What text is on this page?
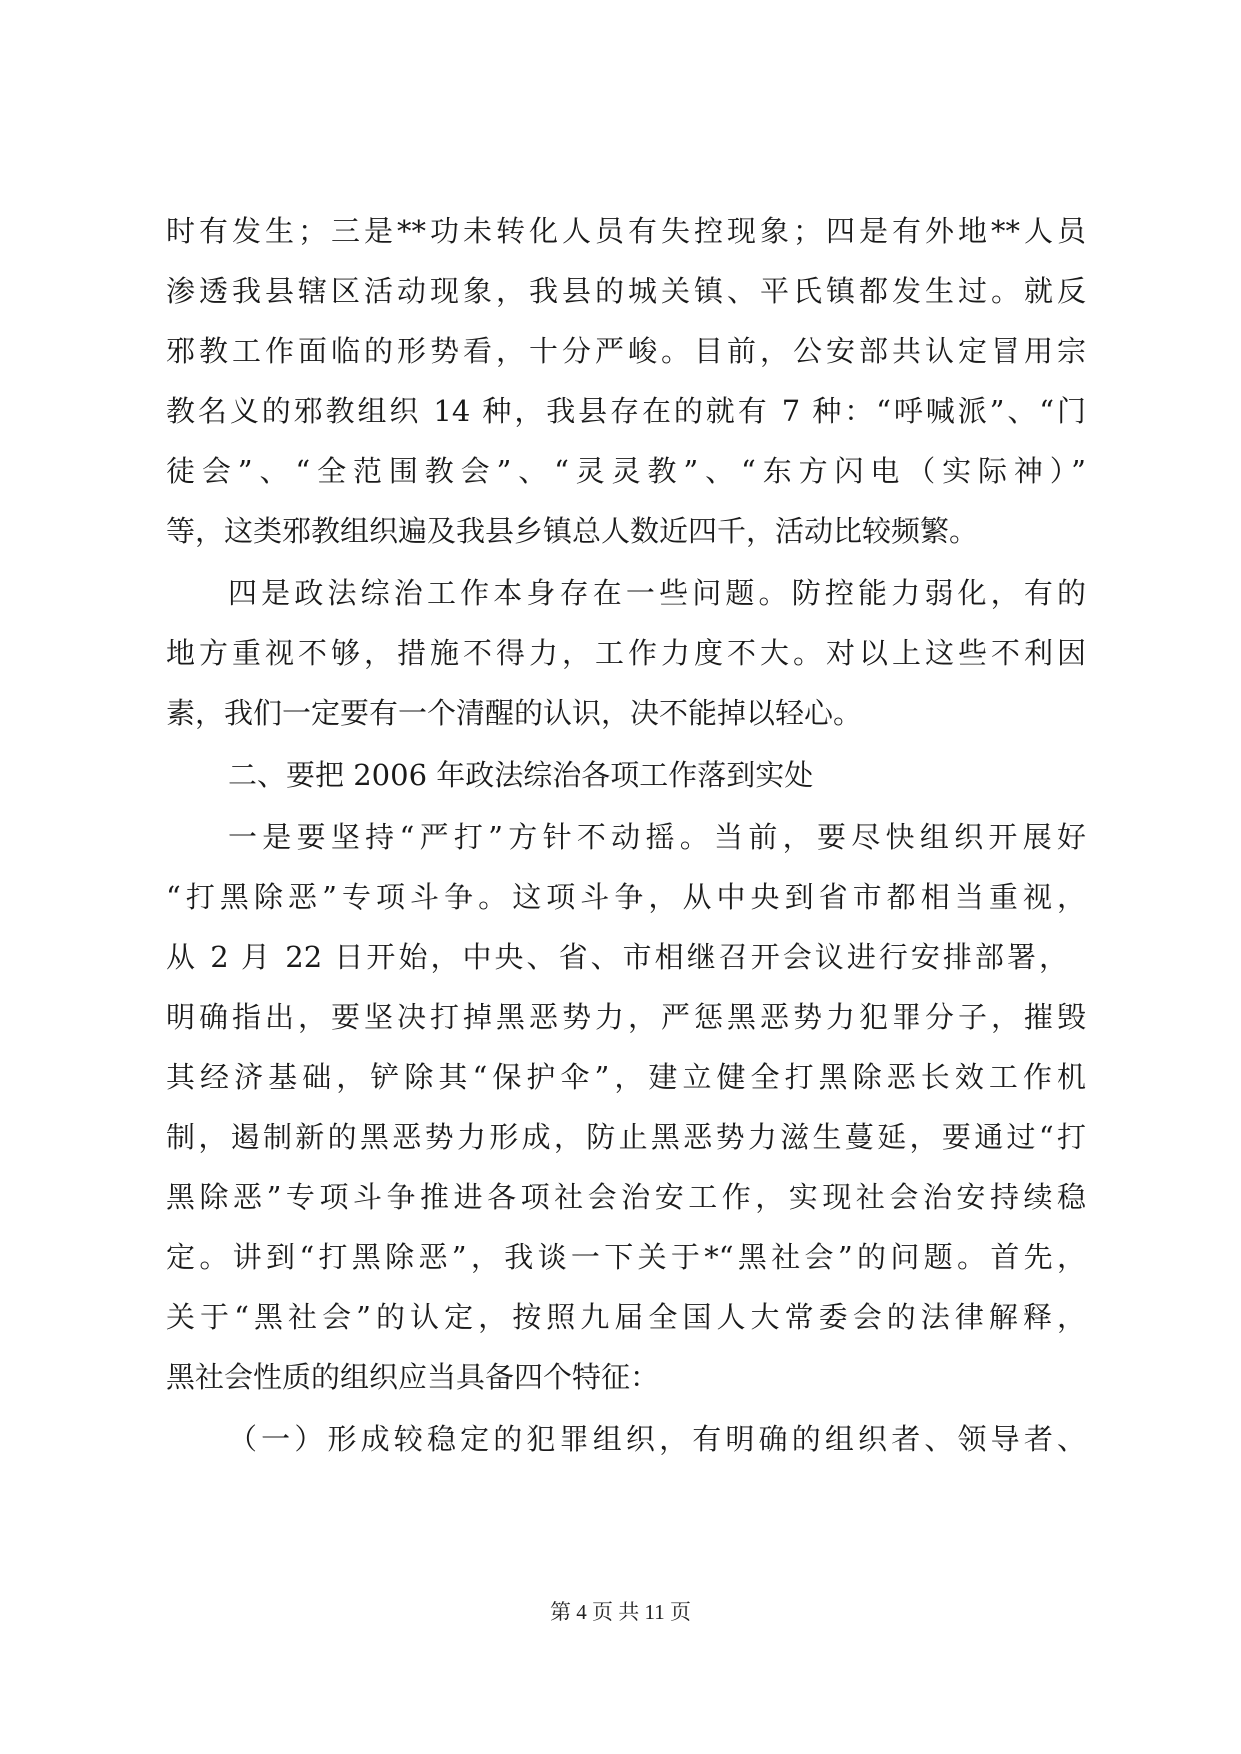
时有发生；三是**功未转化人员有失控现象；四是有外地**人员
渗透我县辖区活动现象，我县的城关镇、平氏镇都发生过。就反
邪教工作面临的形势看，十分严峻。目前，公安部共认定冒用宗
教名义的邪教组织 14 种，我县存在的就有 7 种：“呼喊派”、“门
徒会”、“全范围教会”、“灵灵教”、“东方闪电（实际神）”
等，这类邪教组织遍及我县乡镇总人数近四千，活动比较频繁。
四是政法综治工作本身存在一些问题。防控能力弱化，有的
地方重视不够，措施不得力，工作力度不大。对以上这些不利因
素，我们一定要有一个清醒的认识，决不能掉以轻心。
二、要把 2006 年政法综治各项工作落到实处
一是要坚持“严打”方针不动摇。当前，要尽快组织开展好
“打黑除恶”专项斗争。这项斗争，从中央到省市都相当重视，
从 2 月 22 日开始，中央、省、市相继召开会议进行安排部署，
明确指出，要坚决打掉黑恶势力，严惩黑恶势力犯罪分子，摧毁
其经济基础，铲除其“保护伞”，建立健全打黑除恶长效工作机
制，遏制新的黑恶势力形成，防止黑恶势力滋生蔓延，要通过“打
黑除恶”专项斗争推进各项社会治安工作，实现社会治安持续稳
定。讲到“打黑除恶”，我谈一下关于*“黑社会”的问题。首先，
关于“黑社会”的认定，按照九届全国人大常委会的法律解释，
黑社会性质的组织应当具备四个特征：
（一）形成较稳定的犯罪组织，有明确的组织者、领导者、
第 4 页 共 11 页
